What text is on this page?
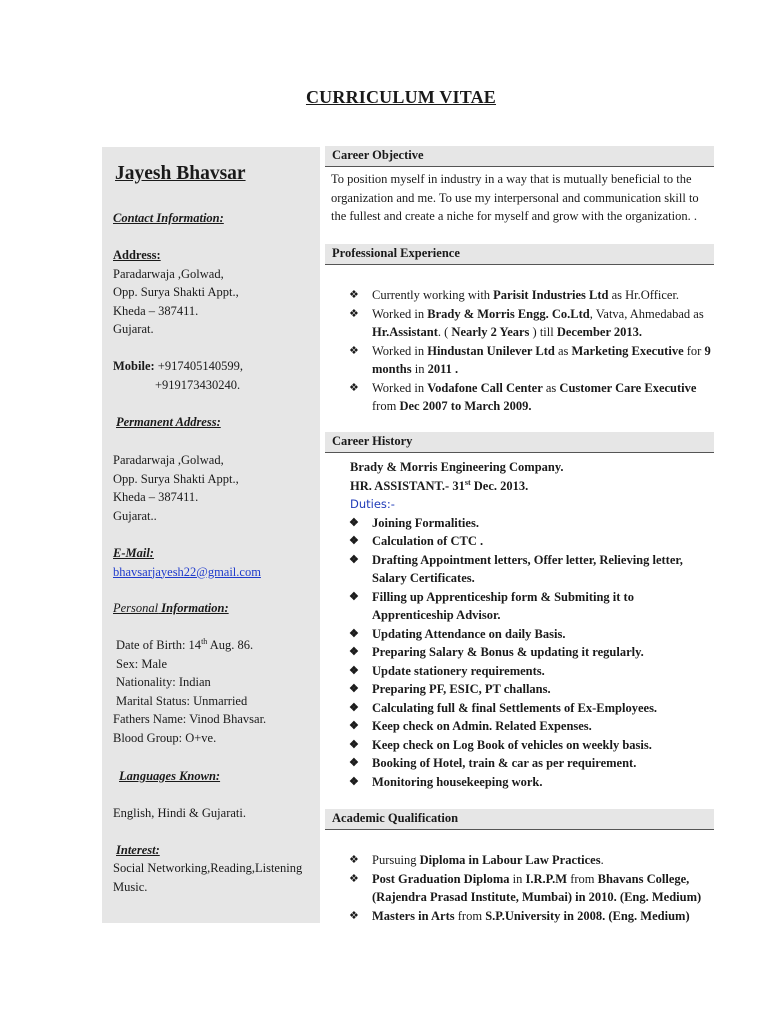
CURRICULUM VITAE
Jayesh Bhavsar
Contact Information:

Address:

Paradarwaja ,Golwad,

Opp. Surya Shakti Appt.,

Kheda – 387411.

Gujarat.

Mobile: +917405140599,

+919173430240.

Permanent Address:

Paradarwaja ,Golwad,

Opp. Surya Shakti Appt.,

Kheda – 387411.

Gujarat..

E-Mail:

bhavsarjayesh22@gmail.com

Personal Information:

Date of Birth: 14th Aug. 86.

Sex: Male

Nationality: Indian

Marital Status: Unmarried

Fathers Name: Vinod Bhavsar.

Blood Group: O+ve.

Languages Known:
English, Hindi & Gujarati.
Interest:

Social Networking,Reading,Listening

Music.

Career Objective
To position myself in industry in a way that is mutually beneficial to the organization and me. To use my interpersonal and communication skill to the fullest and create a niche for myself and grow with the organization. .
Professional Experience
❖ Currently working with Parisit Industries Ltd as Hr.Officer.
❖ Worked in Brady & Morris Engg. Co.Ltd, Vatva, Ahmedabad as Hr.Assistant. ( Nearly 2 Years ) till December 2013.
❖ Worked in Hindustan Unilever Ltd as Marketing Executive for 9 months in 2011 .
❖ Worked in Vodafone Call Center as Customer Care Executive from Dec 2007 to March 2009.
Career History
Brady & Morris Engineering Company.
HR. ASSISTANT.- 31st Dec. 2013.
Duties:-
❖ Joining Formalities.
❖ Calculation of CTC .
❖ Drafting Appointment letters, Offer letter, Relieving letter, Salary Certificates.
❖ Filling up Apprenticeship form & Submiting it to Apprenticeship Advisor.
❖ Updating Attendance on daily Basis.
❖ Preparing Salary & Bonus & updating it regularly.
❖ Update stationery requirements.
❖ Preparing PF, ESIC, PT challans.
❖ Calculating full & final Settlements of Ex-Employees.
❖ Keep check on Admin. Related Expenses.
❖ Keep check on Log Book of vehicles on weekly basis.
❖ Booking of Hotel, train & car as per requirement.
❖ Monitoring housekeeping work.
Academic Qualification
❖ Pursuing Diploma in Labour Law Practices.
❖ Post Graduation Diploma in I.R.P.M from Bhavans College, (Rajendra Prasad Institute, Mumbai) in 2010. (Eng. Medium)
❖ Masters in Arts from S.P.University in 2008. (Eng. Medium)
